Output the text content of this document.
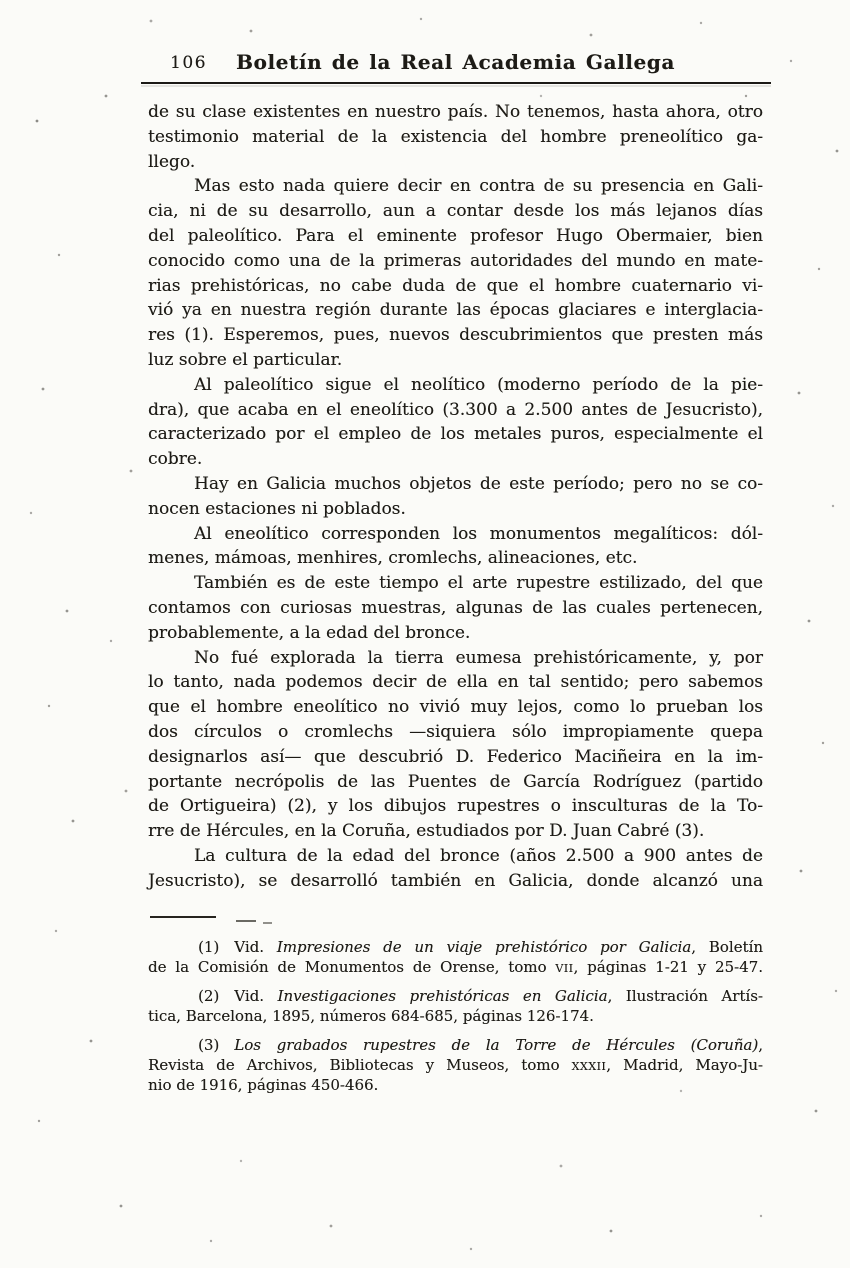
106	Boletín de la Real Academia Gallega
de su clase existentes en nuestro país. No tenemos, hasta ahora, otro
testimonio material de la existencia del hombre preneolítico ga-
llego.
Mas esto nada quiere decir en contra de su presencia en Gali-
cia, ni de su desarrollo, aun a contar desde los más lejanos días
del paleolítico. Para el eminente profesor Hugo Obermaier, bien
conocido como una de la primeras autoridades del mundo en mate-
rias prehistóricas, no cabe duda de que el hombre cuaternario vi-
vió ya en nuestra región durante las épocas glaciares e interglacia-
res (1). Esperemos, pues, nuevos descubrimientos que presten más
luz sobre el particular.
Al paleolítico sigue el neolítico (moderno período de la pie-
dra), que acaba en el eneolítico (3.300 a 2.500 antes de Jesucristo),
caracterizado por el empleo de los metales puros, especialmente el
cobre.
Hay en Galicia muchos objetos de este período; pero no se co-
nocen estaciones ni poblados.
Al eneolítico corresponden los monumentos megalíticos: dól-
menes, mámoas, menhires, cromlechs, alineaciones, etc.
También es de este tiempo el arte rupestre estilizado, del que
contamos con curiosas muestras, algunas de las cuales pertenecen,
probablemente, a la edad del bronce.
No fué explorada la tierra eumesa prehistóricamente, y, por
lo tanto, nada podemos decir de ella en tal sentido; pero sabemos
que el hombre eneolítico no vivió muy lejos, como lo prueban los
dos círculos o cromlechs —siquiera sólo impropiamente quepa
designarlos así— que descubrió D. Federico Maciñeira en la im-
portante necrópolis de las Puentes de García Rodríguez (partido
de Ortigueira) (2), y los dibujos rupestres o insculturas de la To-
rre de Hércules, en la Coruña, estudiados por D. Juan Cabré (3).
La cultura de la edad del bronce (años 2.500 a 900 antes de
Jesucristo), se desarrolló también en Galicia, donde alcanzó una
(1) Vid. Impresiones de un viaje prehistórico por Galicia, Boletín
de la Comisión de Monumentos de Orense, tomo vii, páginas 1-21 y 25-47.
(2) Vid. Investigaciones prehistóricas en Galicia, Ilustración Artís-
tica, Barcelona, 1895, números 684-685, páginas 126-174.
(3) Los grabados rupestres de la Torre de Hércules (Coruña),
Revista de Archivos, Bibliotecas y Museos, tomo xxxii, Madrid, Mayo-Ju-
nio de 1916, páginas 450-466.
